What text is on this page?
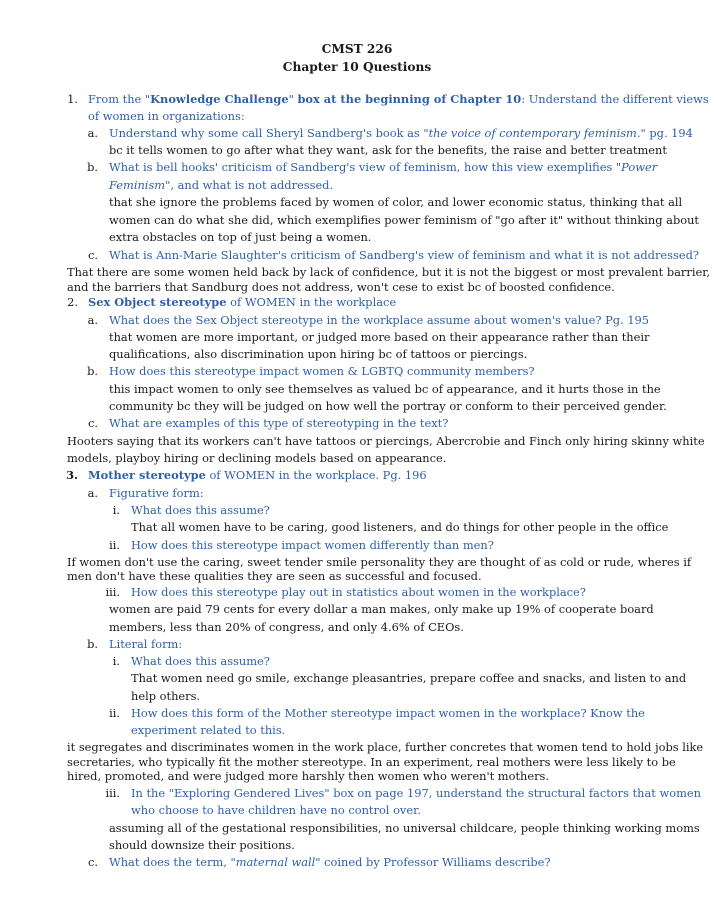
CMST 226
Chapter 10 Questions
1. From the "Knowledge Challenge" box at the beginning of Chapter 10: Understand the different views
of women in organizations:
a. Understand why some call Sheryl Sandberg's book as "the voice of contemporary feminism." pg. 194
bc it tells women to go after what they want, ask for the benefits, the raise and better treatment
b. What is bell hooks' criticism of Sandberg's view of feminism, how this view exemplifies "Power
Feminism", and what is not addressed.
that she ignore the problems faced by women of color, and lower economic status, thinking that all
women can do what she did, which exemplifies power feminism of "go after it" without thinking about
extra obstacles on top of just being a women.
c. What is Ann-Marie Slaughter's criticism of Sandberg's view of feminism and what it is not addressed?
That there are some women held back by lack of confidence, but it is not the biggest or most prevalent barrier,
and the barriers that Sandburg does not address, won't cese to exist bc of boosted confidence.
2. Sex Object stereotype of WOMEN in the workplace
a. What does the Sex Object stereotype in the workplace assume about women's value? Pg. 195
that women are more important, or judged more based on their appearance rather than their
qualifications, also discrimination upon hiring bc of tattoos or piercings.
b. How does this stereotype impact women & LGBTQ community members?
this impact women to only see themselves as valued bc of appearance, and it hurts those in the
community bc they will be judged on how well the portray or conform to their perceived gender.
c. What are examples of this type of stereotyping in the text?
Hooters saying that its workers can't have tattoos or piercings, Abercrobie and Finch only hiring skinny white
models, playboy hiring or declining models based on appearance.
3. Mother stereotype of WOMEN in the workplace. Pg. 196
a. Figurative form:
i. What does this assume?
That all women have to be caring, good listeners, and do things for other people in the office
ii. How does this stereotype impact women differently than men?
If women don't use the caring, sweet tender smile personality they are thought of as cold or rude, wheres if
men don't have these qualities they are seen as successful and focused.
iii. How does this stereotype play out in statistics about women in the workplace?
women are paid 79 cents for every dollar a man makes, only make up 19% of cooperate board
members, less than 20% of congress, and only 4.6% of CEOs.
b. Literal form:
i. What does this assume?
That women need go smile, exchange pleasantries, prepare coffee and snacks, and listen to and
help others.
ii. How does this form of the Mother stereotype impact women in the workplace? Know the
experiment related to this.
it segregates and discriminates women in the work place, further concretes that women tend to hold jobs like
secretaries, who typically fit the mother stereotype. In an experiment, real mothers were less likely to be
hired, promoted, and were judged more harshly then women who weren't mothers.
iii. In the "Exploring Gendered Lives" box on page 197, understand the structural factors that women
who choose to have children have no control over.
assuming all of the gestational responsibilities, no universal childcare, people thinking working moms
should downsize their positions.
c. What does the term, "maternal wall" coined by Professor Williams describe?
